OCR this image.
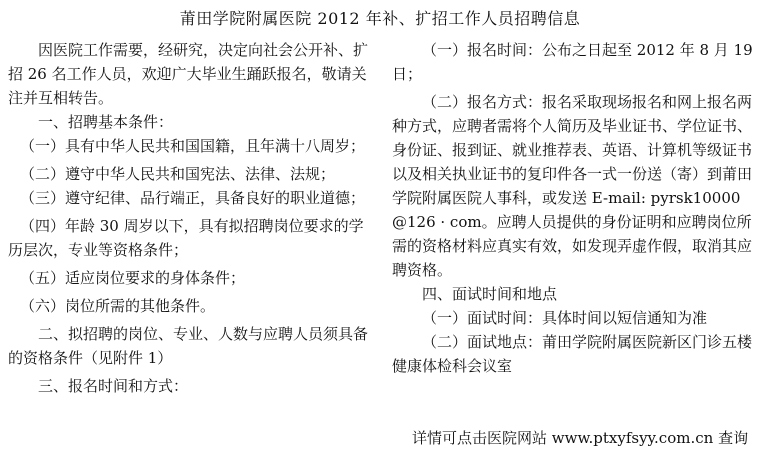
莆田学院附属医院 2012 年补、扩招工作人员招聘信息

因医院工作需要，经研究，决定向社会公开补、扩招 26 名工作人员，欢迎广大毕业生踊跃报名，敬请关注并互相转告。

一、招聘基本条件：

（一）具有中华人民共和国国籍，且年满十八周岁；

（二）遵守中华人民共和国宪法、法律、法规；

（三）遵守纪律、品行端正，具备良好的职业道德；

（四）年龄 30 周岁以下，具有拟招聘岗位要求的学历层次，专业等资格条件；

（五）适应岗位要求的身体条件；

（六）岗位所需的其他条件。

二、拟招聘的岗位、专业、人数与应聘人员须具备的资格条件（见附件 1）

三、报名时间和方式：

（一）报名时间：公布之日起至 2012 年 8 月 19 日；

（二）报名方式：报名采取现场报名和网上报名两种方式，应聘者需将个人简历及毕业证书、学位证书、身份证、报到证、就业推荐表、英语、计算机等级证书以及相关执业证书的复印件各一式一份送（寄）到莆田学院附属医院人事科，或发送 E-mail: pyrsk10000 @126 · com。应聘人员提供的身份证明和应聘岗位所需的资格材料应真实有效，如发现弄虚作假，取消其应聘资格。

四、面试时间和地点

（一）面试时间：具体时间以短信通知为准

（二）面试地点：莆田学院附属医院新区门诊五楼健康体检科会议室

详情可点击医院网站 www.ptxyfsyy.com.cn 查询
